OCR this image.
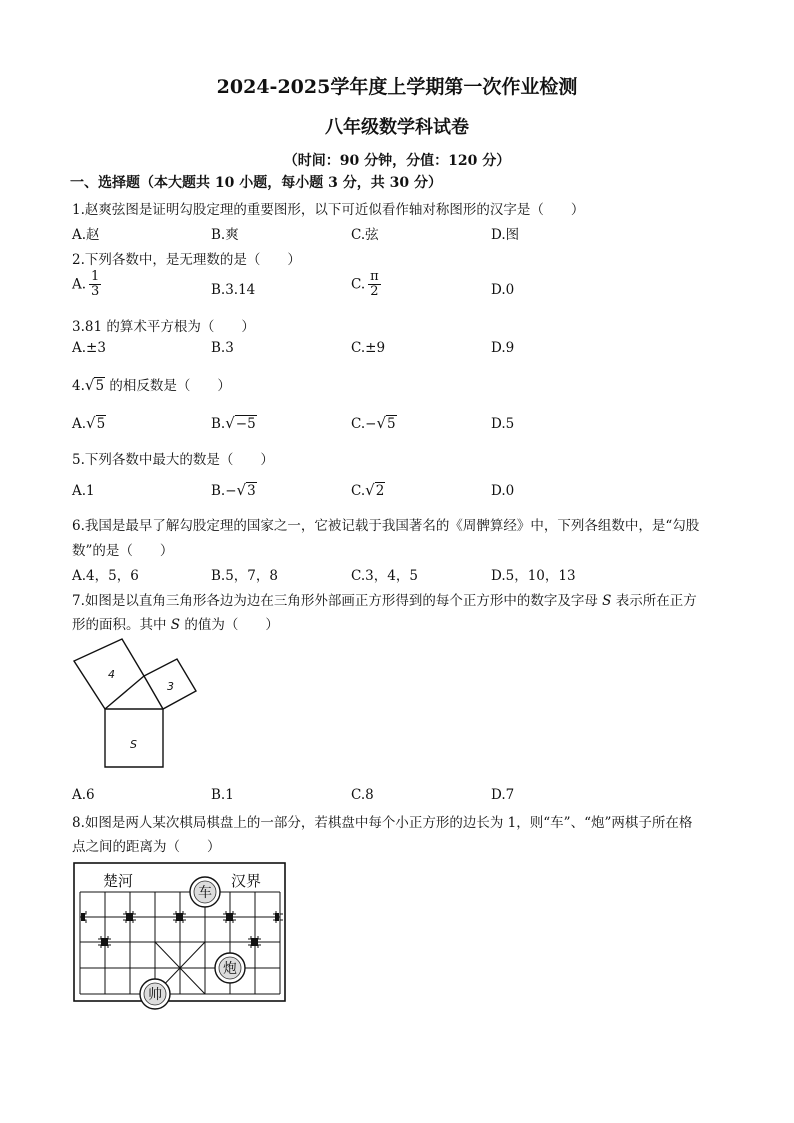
2024-2025学年度上学期第一次作业检测
八年级数学科试卷
（时间：90 分钟，分值：120 分）
一、选择题（本大题共 10 小题，每小题 3 分，共 30 分）
1.赵爽弦图是证明勾股定理的重要图形，以下可近似看作轴对称图形的汉字是（　　）
A.赵	B.爽	C.弦	D.图
2.下列各数中，是无理数的是（　　）
A. $\frac{1}{3}$	B.3.14	C. $\frac{\pi}{2}$	D.0
3.81 的算术平方根为（　　）
A.±3	B.3	C.±9	D.9
4.√5 的相反数是（　　）
A.√5	B.√−5	C.−√5	D.5
5.下列各数中最大的数是（　　）
A.1	B.−√3	C.√2	D.0
6.我国是最早了解勾股定理的国家之一，它被记载于我国著名的《周髀算经》中，下列各组数中，是“勾股
数”的是（　　）
A.4，5，6	B.5，7，8	C.3，4，5	D.5，10，13
7.如图是以直角三角形各边为边在三角形外部画正方形得到的每个正方形中的数字及字母 S 表示所在正方
形的面积。其中 S 的值为（　　）
4
3
S
A.6	B.1	C.8	D.7
8.如图是两人某次棋局棋盘上的一部分，若棋盘中每个小正方形的边长为 1，则“车”、“炮”两棋子所在格
点之间的距离为（　　）
楚河	汉界
车
炮
帅
